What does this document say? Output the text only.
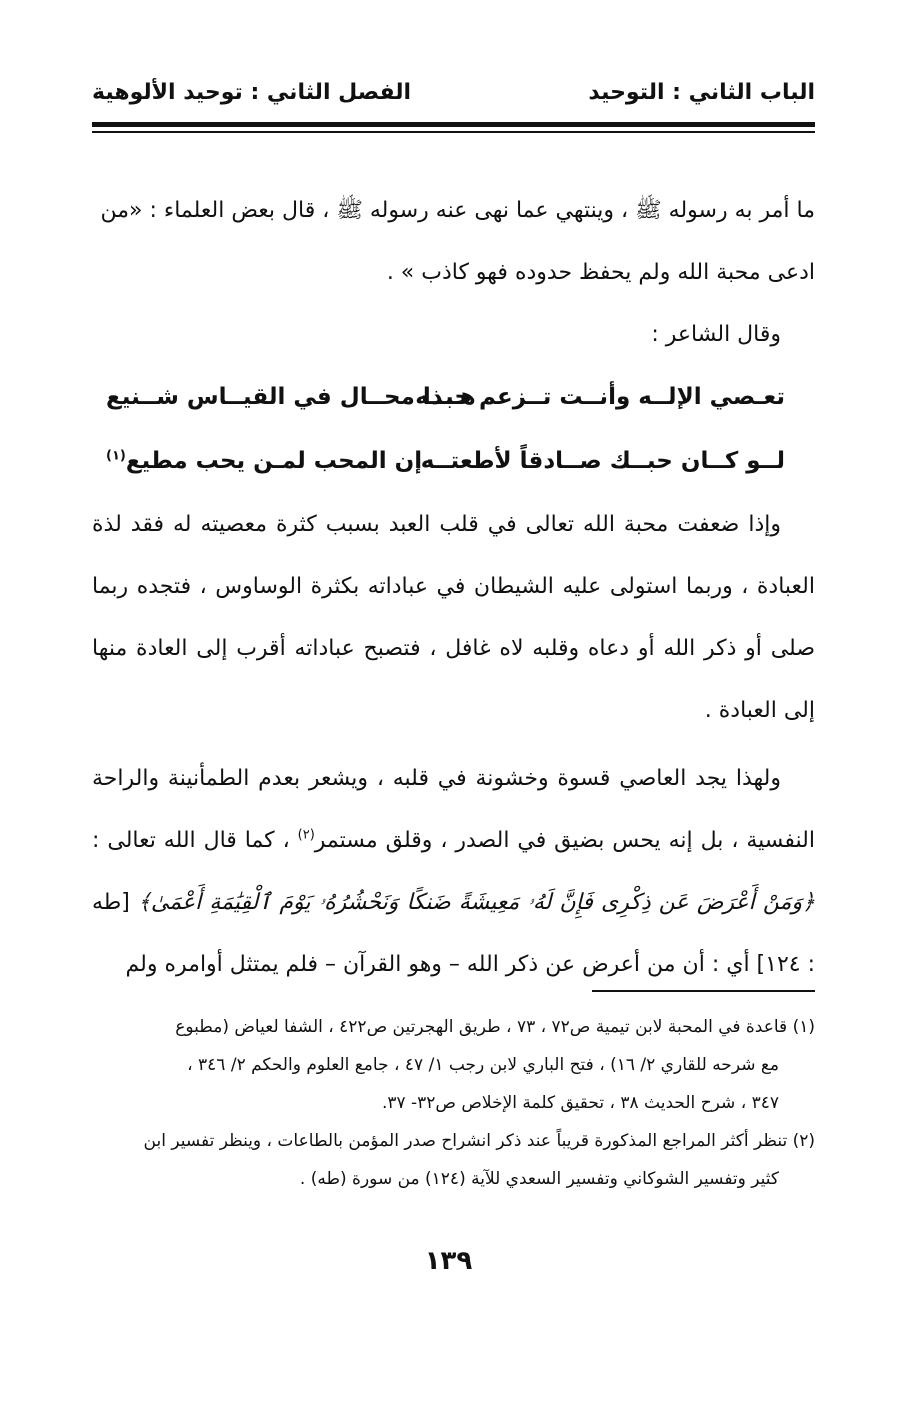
الباب الثاني : التوحيد
الفصل الثاني : توحيد الألوهية

ما أمر به رسوله ﷺ ، وينتهي عما نهى عنه رسوله ﷺ ، قال بعض العلماء : «من
ادعى محبة الله ولم يحفظ حدوده فهو كاذب » .

وقال الشاعر :

تعـصي الإلــه وأنــت تــزعم حبــه
هــذا محــال في القيــاس شــنيع
لــو كــان حبــك صــادقاً لأطعتــه
إن المحب لمـن يحب مطيع$^{(١)}$

وإذا ضعفت محبة الله تعالى في قلب العبد بسبب كثرة معصيته له فقد لذة العبادة ، وربما استولى عليه الشيطان في عباداته بكثرة الوساوس ، فتجده ربما صلى أو ذكر الله أو دعاه وقلبه لاه غافل ، فتصبح عباداته أقرب إلى العادة منها إلى العبادة .

ولهذا يجد العاصي قسوة وخشونة في قلبه ، ويشعر بعدم الطمأنينة والراحة النفسية ، بل إنه يحس بضيق في الصدر ، وقلق مستمر$^{(٢)}$ ، كما قال الله تعالى : ﴿وَمَنْ أَعْرَضَ عَن ذِكْرِى فَإِنَّ لَهُۥ مَعِيشَةً ضَنكًا وَنَحْشُرُهُۥ يَوْمَ ٱلْقِيَٰمَةِ أَعْمَىٰ﴾ [طه : ١٢٤] أي : أن من أعرض عن ذكر الله – وهو القرآن – فلم يمتثل أوامره ولم

(١) قاعدة في المحبة لابن تيمية ص٧٢ ، ٧٣ ، طريق الهجرتين ص٤٢٢ ، الشفا لعياض (مطبوع
مع شرحه للقاري ٢/ ١٦) ، فتح الباري لابن رجب ١/ ٤٧ ، جامع العلوم والحكم ٢/ ٣٤٦ ،
٣٤٧ ، شرح الحديث ٣٨ ، تحقيق كلمة الإخلاص ص٣٢- ٣٧.

(٢) تنظر أكثر المراجع المذكورة قريباً عند ذكر انشراح صدر المؤمن بالطاعات ، وينظر تفسير ابن
كثير وتفسير الشوكاني وتفسير السعدي للآية (١٢٤) من سورة (طه) .

١٣٩
